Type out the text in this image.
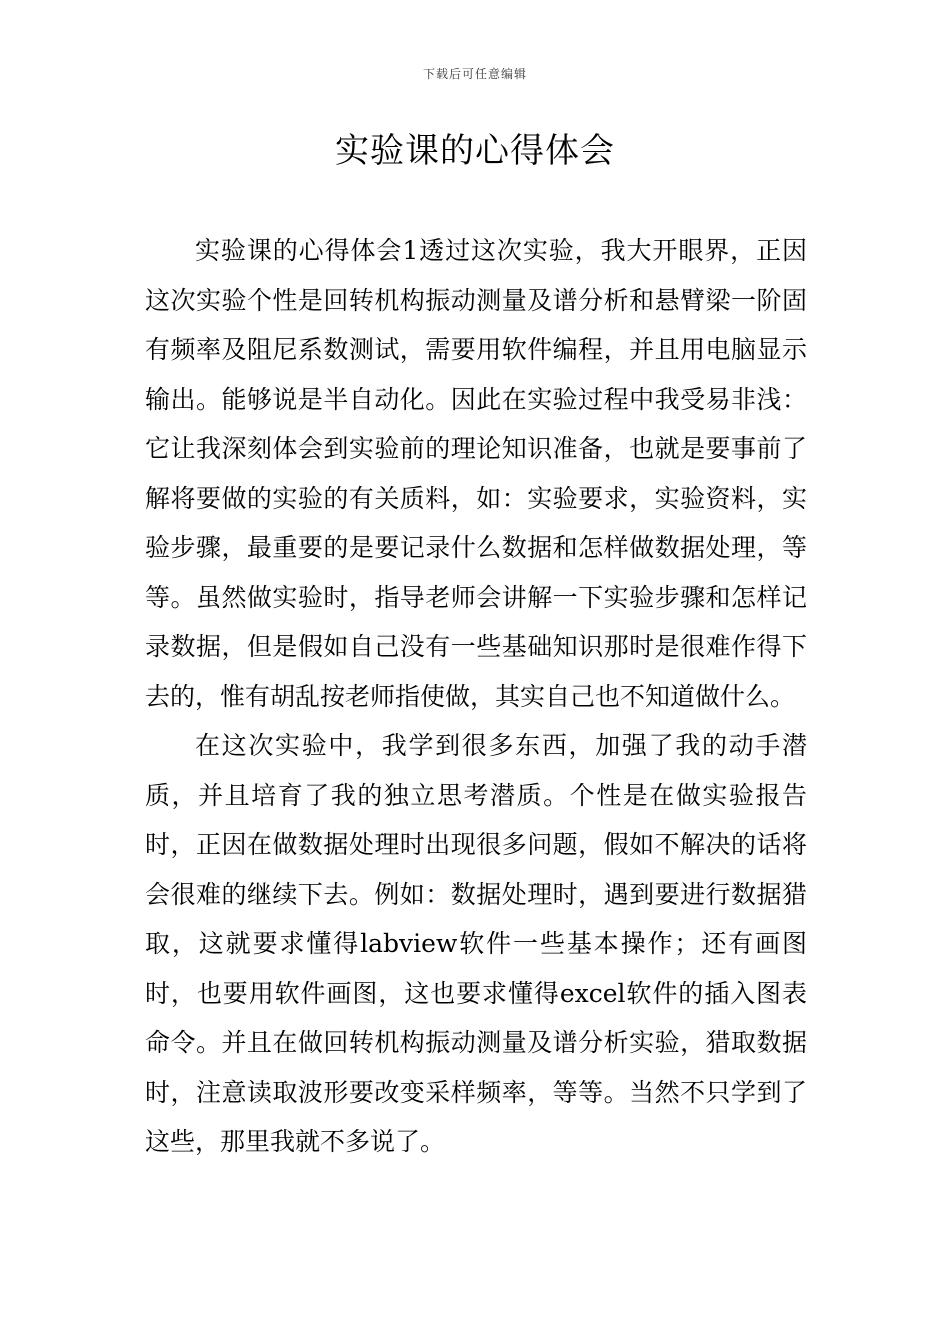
下载后可任意编辑
实验课的心得体会

实验课的心得体会1透过这次实验，我大开眼界，正因这次实验个性是回转机构振动测量及谱分析和悬臂梁一阶固有频率及阻尼系数测试，需要用软件编程，并且用电脑显示输出。能够说是半自动化。因此在实验过程中我受易非浅：它让我深刻体会到实验前的理论知识准备，也就是要事前了解将要做的实验的有关质料，如：实验要求，实验资料，实验步骤，最重要的是要记录什么数据和怎样做数据处理，等等。虽然做实验时，指导老师会讲解一下实验步骤和怎样记录数据，但是假如自己没有一些基础知识那时是很难作得下去的，惟有胡乱按老师指使做，其实自己也不知道做什么。

在这次实验中，我学到很多东西，加强了我的动手潜质，并且培育了我的独立思考潜质。个性是在做实验报告时，正因在做数据处理时出现很多问题，假如不解决的话将会很难的继续下去。例如：数据处理时，遇到要进行数据猎取，这就要求懂得labview软件一些基本操作；还有画图时，也要用软件画图，这也要求懂得excel软件的插入图表命令。并且在做回转机构振动测量及谱分析实验，猎取数据时，注意读取波形要改变采样频率，等等。当然不只学到了这些，那里我就不多说了。
